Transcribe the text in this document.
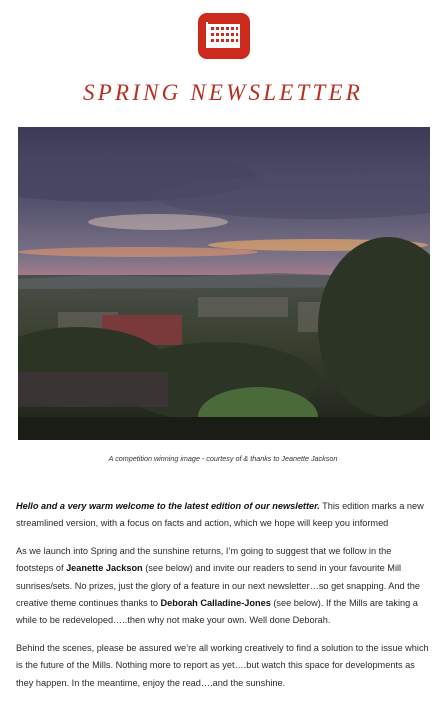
SPRING NEWSLETTER
A competition winning image - courtesy of & thanks to Jeanette Jackson

Hello and a very warm welcome to the latest edition of our newsletter. This edition marks a new streamlined version, with a focus on facts and action, which we hope will keep you informed

As we launch into Spring and the sunshine returns, I’m going to suggest that we follow in the footsteps of Jeanette Jackson (see below) and invite our readers to send in your favourite Mill sunrises/sets. No prizes, just the glory of a feature in our next newsletter…so get snapping. And the creative theme continues thanks to Deborah Calladine-Jones (see below). If the Mills are taking a while to be redeveloped…..then why not make your own. Well done Deborah.

Behind the scenes, please be assured we’re all working creatively to find a solution to the issue which is the future of the Mills. Nothing more to report as yet….but watch this space for developments as they happen. In the meantime, enjoy the read….and the sunshine.
